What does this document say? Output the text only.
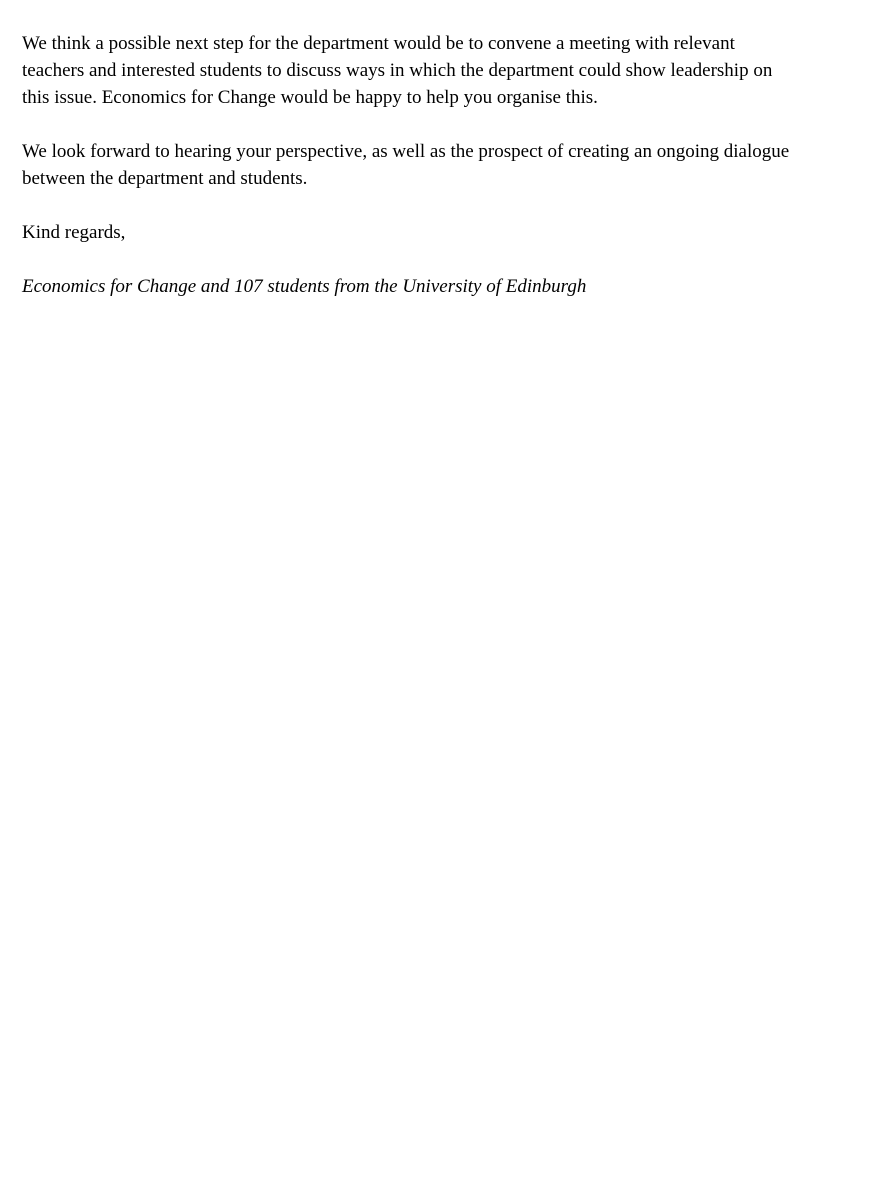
We think a possible next step for the department would be to convene a meeting with relevant
teachers and interested students to discuss ways in which the department could show leadership on
this issue. Economics for Change would be happy to help you organise this.

We look forward to hearing your perspective, as well as the prospect of creating an ongoing dialogue
between the department and students.

Kind regards,

Economics for Change and 107 students from the University of Edinburgh
